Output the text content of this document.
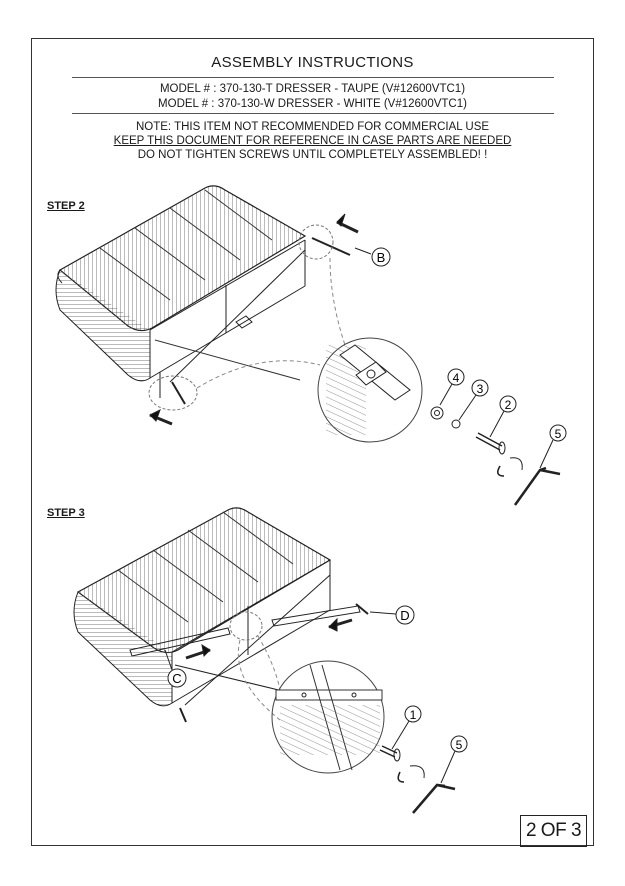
ASSEMBLY INSTRUCTIONS
MODEL # : 370-130-T DRESSER - TAUPE (V#12600VTC1)
MODEL # : 370-130-W DRESSER - WHITE (V#12600VTC1)
NOTE: THIS ITEM NOT RECOMMENDED FOR COMMERCIAL USE
KEEP THIS DOCUMENT FOR REFERENCE IN CASE PARTS ARE NEEDED
DO NOT TIGHTEN SCREWS UNTIL COMPLETELY ASSEMBLED! !
STEP 2
STEP 3
B
4
3
2
5
D
C
1
5
2 OF 3
